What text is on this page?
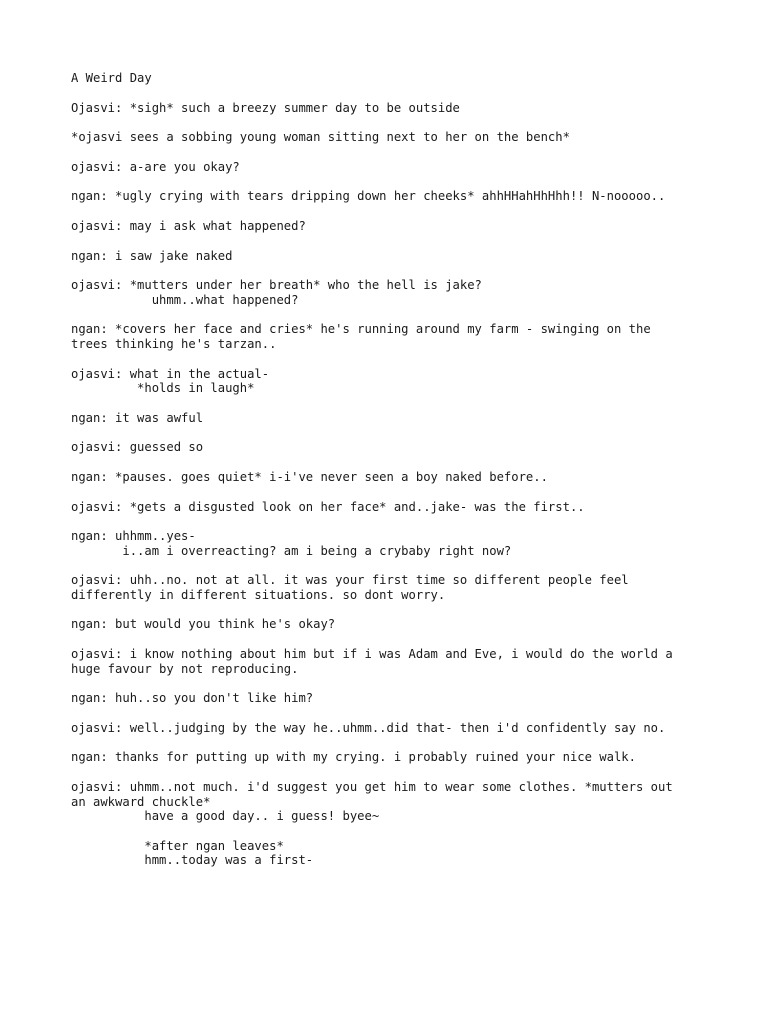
A Weird Day
Ojasvi: *sigh* such a breezy summer day to be outside
*ojasvi sees a sobbing young woman sitting next to her on the bench*
ojasvi: a-are you okay?
ngan: *ugly crying with tears dripping down her cheeks* ahhHHahHhHhh!! N-nooooo..
ojasvi: may i ask what happened?
ngan: i saw jake naked
ojasvi: *mutters under her breath* who the hell is jake?
uhmm..what happened?
ngan: *covers her face and cries* he's running around my farm - swinging on the
trees thinking he's tarzan..
ojasvi: what in the actual-
*holds in laugh*
ngan: it was awful
ojasvi: guessed so
ngan: *pauses. goes quiet* i-i've never seen a boy naked before..
ojasvi: *gets a disgusted look on her face* and..jake- was the first..
ngan: uhhmm..yes-
i..am i overreacting? am i being a crybaby right now?
ojasvi: uhh..no. not at all. it was your first time so different people feel
differently in different situations. so dont worry.
ngan: but would you think he's okay?
ojasvi: i know nothing about him but if i was Adam and Eve, i would do the world a
huge favour by not reproducing.
ngan: huh..so you don't like him?
ojasvi: well..judging by the way he..uhmm..did that- then i'd confidently say no.
ngan: thanks for putting up with my crying. i probably ruined your nice walk.
ojasvi: uhmm..not much. i'd suggest you get him to wear some clothes. *mutters out
an awkward chuckle*
have a good day.. i guess! byee~
*after ngan leaves*
hmm..today was a first-
